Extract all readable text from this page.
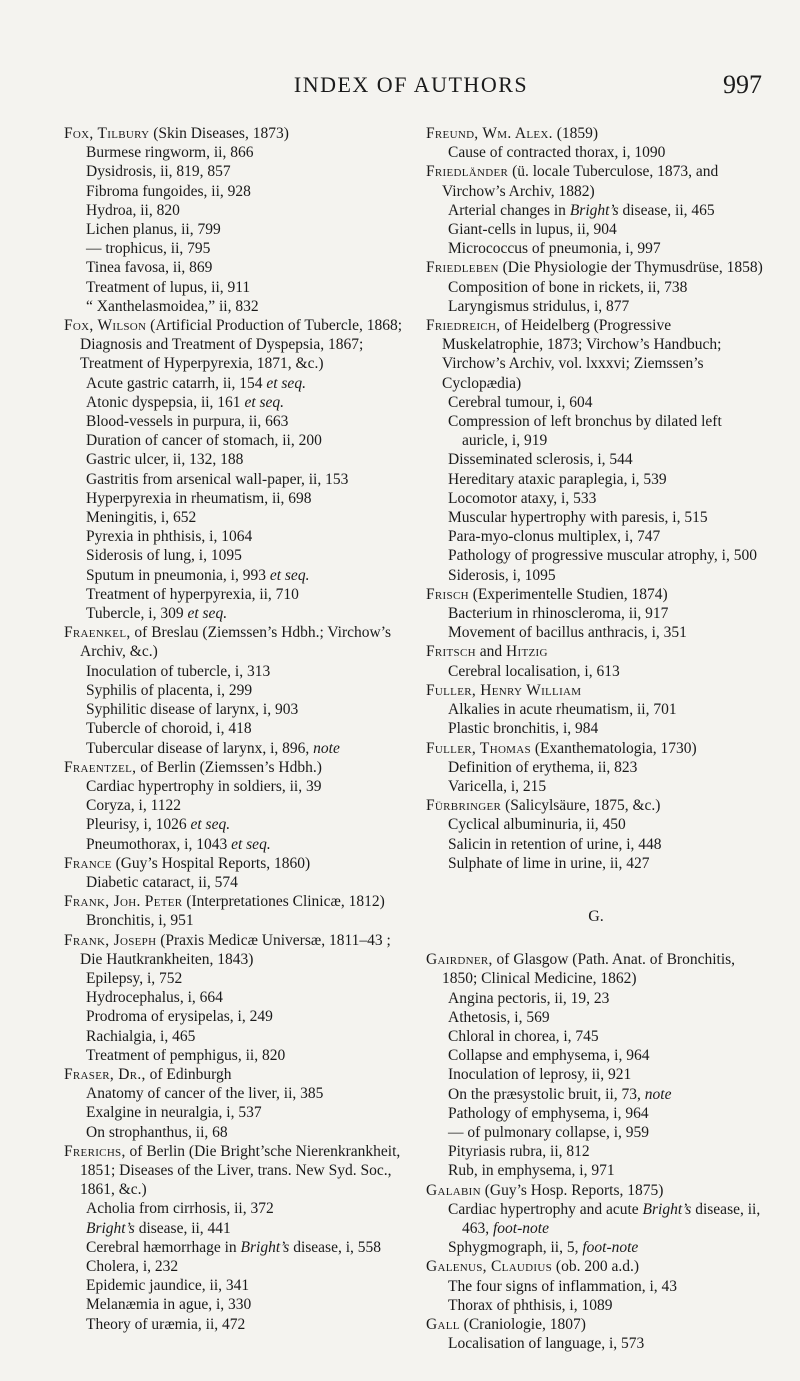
INDEX OF AUTHORS	997

Fox, Tilbury (Skin Diseases, 1873)

Burmese ringworm, ii, 866

Dysidrosis, ii, 819, 857

Fibroma fungoides, ii, 928

Hydroa, ii, 820

Lichen planus, ii, 799

— trophicus, ii, 795

Tinea favosa, ii, 869

Treatment of lupus, ii, 911

“ Xanthelasmoidea,” ii, 832

Fox, Wilson (Artificial Production of Tubercle, 1868; Diagnosis and Treatment of Dyspepsia, 1867; Treatment of Hyperpyrexia, 1871, &c.)

Acute gastric catarrh, ii, 154 et seq.

Atonic dyspepsia, ii, 161 et seq.

Blood-vessels in purpura, ii, 663

Duration of cancer of stomach, ii, 200

Gastric ulcer, ii, 132, 188

Gastritis from arsenical wall-paper, ii, 153

Hyperpyrexia in rheumatism, ii, 698

Meningitis, i, 652

Pyrexia in phthisis, i, 1064

Siderosis of lung, i, 1095

Sputum in pneumonia, i, 993 et seq.

Treatment of hyperpyrexia, ii, 710

Tubercle, i, 309 et seq.

Fraenkel, of Breslau (Ziemssen’s Hdbh.; Virchow’s Archiv, &c.)

Inoculation of tubercle, i, 313

Syphilis of placenta, i, 299

Syphilitic disease of larynx, i, 903

Tubercle of choroid, i, 418

Tubercular disease of larynx, i, 896, note

Fraentzel, of Berlin (Ziemssen’s Hdbh.)

Cardiac hypertrophy in soldiers, ii, 39

Coryza, i, 1122

Pleurisy, i, 1026 et seq.

Pneumothorax, i, 1043 et seq.

France (Guy’s Hospital Reports, 1860)

Diabetic cataract, ii, 574

Frank, Joh. Peter (Interpretationes Clinicæ, 1812)

Bronchitis, i, 951

Frank, Joseph (Praxis Medicæ Universæ, 1811–43 ; Die Hautkrankheiten, 1843)

Epilepsy, i, 752

Hydrocephalus, i, 664

Prodroma of erysipelas, i, 249

Rachialgia, i, 465

Treatment of pemphigus, ii, 820

Fraser, Dr., of Edinburgh

Anatomy of cancer of the liver, ii, 385

Exalgine in neuralgia, i, 537

On strophanthus, ii, 68

Frerichs, of Berlin (Die Bright’sche Nierenkrankheit, 1851; Diseases of the Liver, trans. New Syd. Soc., 1861, &c.)

Acholia from cirrhosis, ii, 372

Bright’s disease, ii, 441

Cerebral hæmorrhage in Bright’s disease, i, 558

Cholera, i, 232

Epidemic jaundice, ii, 341

Melanæmia in ague, i, 330

Theory of uræmia, ii, 472

Freund, Wm. Alex. (1859)

Cause of contracted thorax, i, 1090

Friedländer (ü. locale Tuberculose, 1873, and Virchow’s Archiv, 1882)

Arterial changes in Bright’s disease, ii, 465

Giant-cells in lupus, ii, 904

Micrococcus of pneumonia, i, 997

Friedleben (Die Physiologie der Thymusdrüse, 1858)

Composition of bone in rickets, ii, 738

Laryngismus stridulus, i, 877

Friedreich, of Heidelberg (Progressive Muskelatrophie, 1873; Virchow’s Handbuch; Virchow’s Archiv, vol. lxxxvi; Ziemssen’s Cyclopædia)

Cerebral tumour, i, 604

Compression of left bronchus by dilated left auricle, i, 919

Disseminated sclerosis, i, 544

Hereditary ataxic paraplegia, i, 539

Locomotor ataxy, i, 533

Muscular hypertrophy with paresis, i, 515

Para-myo-clonus multiplex, i, 747

Pathology of progressive muscular atrophy, i, 500

Siderosis, i, 1095

Frisch (Experimentelle Studien, 1874)

Bacterium in rhinoscleroma, ii, 917

Movement of bacillus anthracis, i, 351

Fritsch and Hitzig

Cerebral localisation, i, 613

Fuller, Henry William

Alkalies in acute rheumatism, ii, 701

Plastic bronchitis, i, 984

Fuller, Thomas (Exanthematologia, 1730)

Definition of erythema, ii, 823

Varicella, i, 215

Fürbringer (Salicylsäure, 1875, &c.)

Cyclical albuminuria, ii, 450

Salicin in retention of urine, i, 448

Sulphate of lime in urine, ii, 427

G.

Gairdner, of Glasgow (Path. Anat. of Bronchitis, 1850; Clinical Medicine, 1862)

Angina pectoris, ii, 19, 23

Athetosis, i, 569

Chloral in chorea, i, 745

Collapse and emphysema, i, 964

Inoculation of leprosy, ii, 921

On the præsystolic bruit, ii, 73, note

Pathology of emphysema, i, 964

— of pulmonary collapse, i, 959

Pityriasis rubra, ii, 812

Rub, in emphysema, i, 971

Galabin (Guy’s Hosp. Reports, 1875)

Cardiac hypertrophy and acute Bright’s disease, ii, 463, foot-note

Sphygmograph, ii, 5, foot-note

Galenus, Claudius (ob. 200 a.d.)

The four signs of inflammation, i, 43

Thorax of phthisis, i, 1089

Gall (Craniologie, 1807)

Localisation of language, i, 573
